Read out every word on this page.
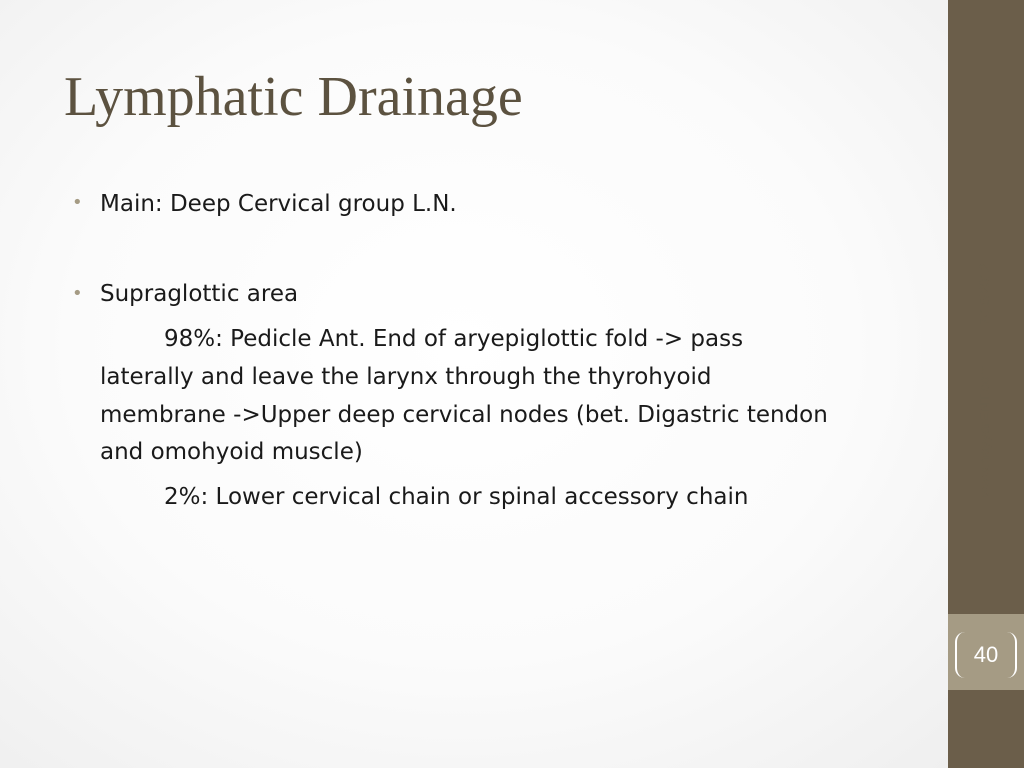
Lymphatic Drainage
• Main: Deep Cervical group L.N.
• Supraglottic area
98%: Pedicle Ant. End of aryepiglottic fold -> pass
laterally and leave the larynx through the thyrohyoid
membrane ->Upper deep cervical nodes (bet. Digastric tendon
and omohyoid muscle)
2%: Lower cervical chain or spinal accessory chain
7/15/2012
www.nayyarENT.com
40
